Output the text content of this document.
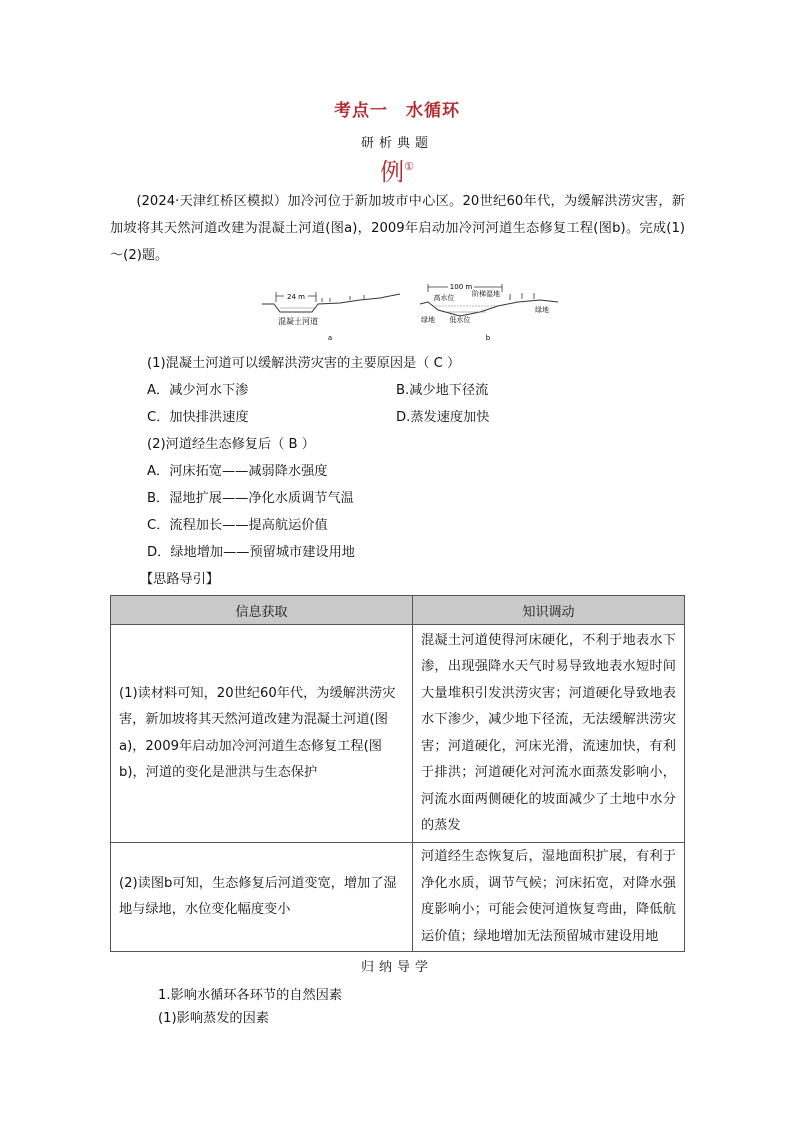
考点一　水循环
研析典题
例①
(2024·天津红桥区模拟）加冷河位于新加坡市中心区。20世纪60年代，为缓解洪涝灾害，新加坡将其天然河道改建为混凝土河道(图a)，2009年启动加冷河河道生态修复工程(图b)。完成(1)～(2)题。
24 m
混凝土河道
a
100 m
高水位	阶梯湿地
绿地 低水位
绿地
b
(1)混凝土河道可以缓解洪涝灾害的主要原因是（ C ）
A．减少河水下渗	B.减少地下径流
C．加快排洪速度	D.蒸发速度加快
(2)河道经生态修复后（ B ）
A．河床拓宽——减弱降水强度
B．湿地扩展——净化水质调节气温
C．流程加长——提高航运价值
D．绿地增加——预留城市建设用地
【思路导引】
信息获取	知识调动
(1)读材料可知，20世纪60年代，为缓解洪涝灾害，新加坡将其天然河道改建为混凝土河道(图a)，2009年启动加冷河河道生态修复工程(图b)，河道的变化是泄洪与生态保护	混凝土河道使得河床硬化，不利于地表水下渗，出现强降水天气时易导致地表水短时间大量堆积引发洪涝灾害；河道硬化导致地表水下渗少，减少地下径流，无法缓解洪涝灾害；河道硬化，河床光滑，流速加快，有利于排洪；河道硬化对河流水面蒸发影响小，河流水面两侧硬化的坡面减少了土地中水分的蒸发
(2)读图b可知，生态修复后河道变宽，增加了湿地与绿地，水位变化幅度变小	河道经生态恢复后，湿地面积扩展，有利于净化水质，调节气候；河床拓宽，对降水强度影响小；可能会使河道恢复弯曲，降低航运价值；绿地增加无法预留城市建设用地
归纳导学
1.影响水循环各环节的自然因素
(1)影响蒸发的因素
